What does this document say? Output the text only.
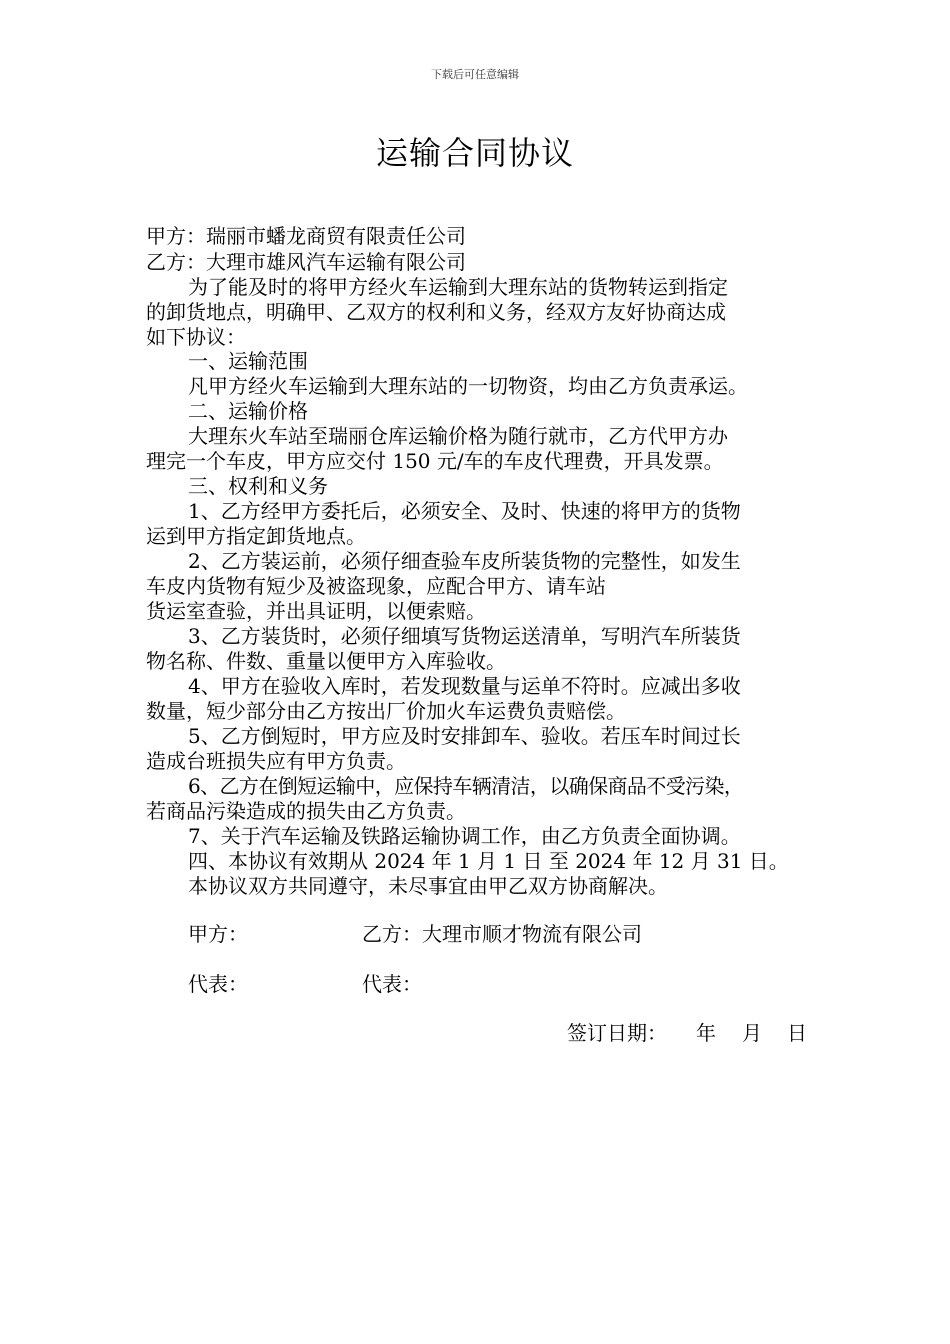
下载后可任意编辑
运输合同协议
甲方：瑞丽市蟠龙商贸有限责任公司
乙方：大理市雄风汽车运输有限公司
为了能及时的将甲方经火车运输到大理东站的货物转运到指定
的卸货地点，明确甲、乙双方的权利和义务，经双方友好协商达成
如下协议：
一、运输范围
凡甲方经火车运输到大理东站的一切物资，均由乙方负责承运。
二、运输价格
大理东火车站至瑞丽仓库运输价格为随行就市，乙方代甲方办
理完一个车皮，甲方应交付 150 元/车的车皮代理费，开具发票。
三、权利和义务
1、乙方经甲方委托后，必须安全、及时、快速的将甲方的货物
运到甲方指定卸货地点。
2、乙方装运前，必须仔细查验车皮所装货物的完整性，如发生
车皮内货物有短少及被盗现象，应配合甲方、请车站
货运室查验，并出具证明，以便索赔。
3、乙方装货时，必须仔细填写货物运送清单，写明汽车所装货
物名称、件数、重量以便甲方入库验收。
4、甲方在验收入库时，若发现数量与运单不符时。应减出多收
数量，短少部分由乙方按出厂价加火车运费负责赔偿。
5、乙方倒短时，甲方应及时安排卸车、验收。若压车时间过长
造成台班损失应有甲方负责。
6、乙方在倒短运输中，应保持车辆清洁，以确保商品不受污染，
若商品污染造成的损失由乙方负责。
7、关于汽车运输及铁路运输协调工作，由乙方负责全面协调。
四、本协议有效期从 2024 年 1 月 1 日 至 2024 年 12 月 31 日。
本协议双方共同遵守，未尽事宜由甲乙双方协商解决。
甲方：	乙方：大理市顺才物流有限公司
代表：	代表：
签订日期： 年 月 日
